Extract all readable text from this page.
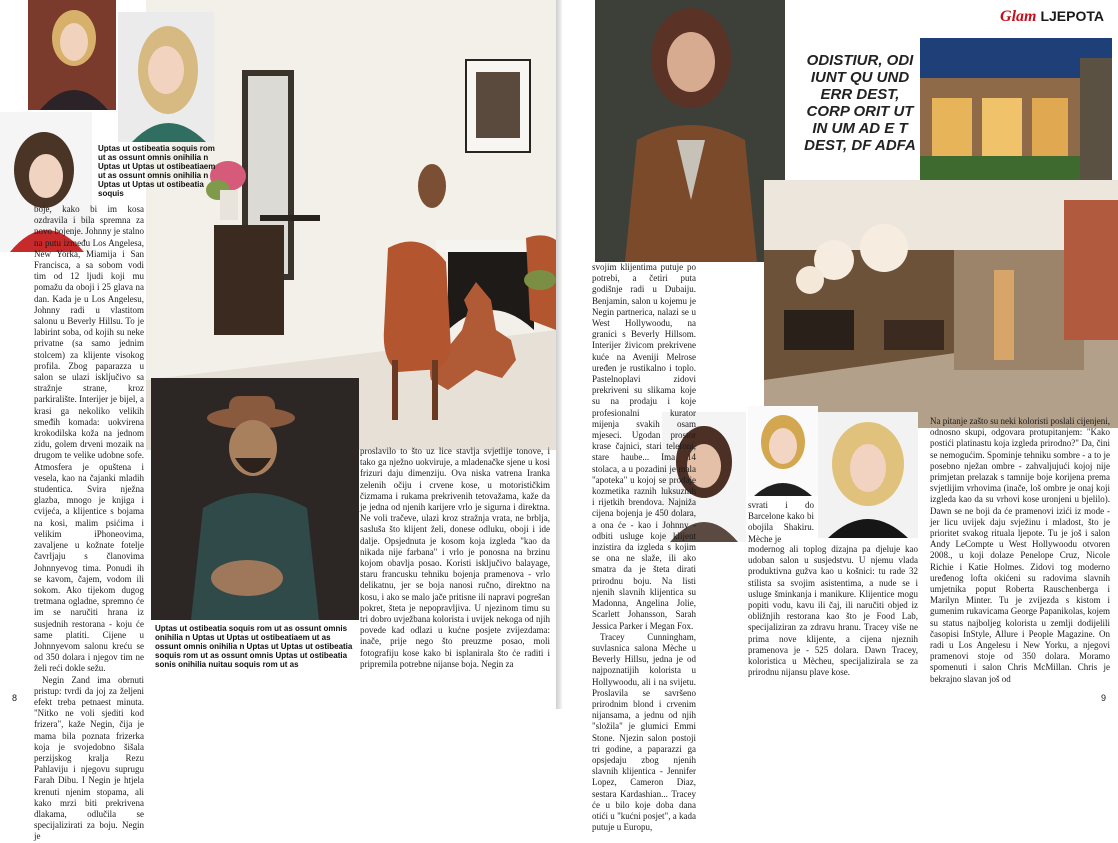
Uptas ut ostibeatia soquis rom ut as ossunt omnis onihilia n Uptas ut Uptas ut ostibeatiaem ut as ossunt omnis onihilia n Uptas ut Uptas ut ostibeatia soquis

boje, kako bi im kosa ozdravila i bila spremna za novo bojenje. Johnny je stalno na putu između Los Angelesa, New Yorka, Miamija i San Francisca, a sa sobom vodi tim od 12 ljudi koji mu pomažu da oboji i 25 glava na dan. Kada je u Los Angelesu, Johnny radi u vlastitom salonu u Beverly Hillsu. To je labirint soba, od kojih su neke privatne (sa samo jednim stolcem) za klijente visokog profila. Zbog paparazza u salon se ulazi isključivo sa stražnje strane, kroz parkiralište. Interijer je bijel, a krasi ga nekoliko velikih smeđih komada: uokvirena krokodilska koža na jednom zidu, golem drveni mozaik na drugom te velike udobne sofe. Atmosfera je opuštena i vesela, kao na čajanki mladih studentica. Svira nježna glazba, mnogo je knjiga i cvijeća, a klijentice s bojama na kosi, malim psićima i velikim iPhoneovima, zavaljene u kožnate fotelje čavrljaju s članovima Johnnyevog tima. Ponudi ih se kavom, čajem, vodom ili sokom. Ako tijekom dugog tretmana ogladne, spremno će im se naručiti hrana iz susjednih restorana - koju će same platiti. Cijene u Johnnyevom salonu kreću se od 350 dolara i njegov tim ne želi reći dokle sežu.

Negin Zand ima obrnuti pristup: tvrdi da joj za željeni efekt treba petnaest minuta. "Nitko ne voli sjediti kod frizera", kaže Negin, čija je mama bila poznata frizerka koja je svojedobno šišala perzijskog kralja Rezu Pahlaviju i njegovu suprugu Farah Dibu. I Negin je htjela krenuti njenim stopama, ali kako mrzi biti prekrivena dlakama, odlučila se specijalizirati za boju. Negin je

Uptas ut ostibeatia soquis rom ut as ossunt omnis onihilia n Uptas ut Uptas ut ostibeatiaem ut as ossunt omnis onihilia n Uptas ut Uptas ut ostibeatia soquis rom ut as ossunt omnis Uptas ut ostibeatia sonis onihilia nuitau soquis rom ut as

proslavilo to što uz lice stavlja svjetlije tonove, i tako ga nježno uokviruje, a mladenačke sjene u kosi frizuri daju dimenziju. Ova niska vatrena Iranka zelenih očiju i crvene kose, u motorističkim čizmama i rukama prekrivenih tetovažama, kaže da je jedna od njenih karijere vrlo je sigurna i direktna. Ne voli tračeve, ulazi kroz stražnja vrata, ne brblja, sasluša što klijent želi, donese odluku, oboji i ide dalje. Opsjednuta je kosom koja izgleda "kao da nikada nije farbana" i vrlo je ponosna na brzinu kojom obavlja posao. Koristi isključivo balayage, staru francusku tehniku bojenja pramenova - vrlo delikatnu, jer se boja nanosi ručno, direktno na kosu, i ako se malo jače pritisne ili napravi pogrešan pokret, šteta je nepopravljiva. U njezinom timu su tri dobro uvježbana kolorista i uvijek nekoga od njih povede kad odlazi u kućne posjete zvijezdama: inače, prije nego što preuzme posao, moli fotografiju kose kako bi isplanirala što će raditi i pripremila potrebne nijanse boja. Negin za

8
Glam LJEPOTA
ODISTIUR, ODI IUNT QU UND ERR DEST, CORP ORIT UT IN UM AD E T DEST, DF ADFA

svojim klijentima putuje po potrebi, a četiri puta godišnje radi u Dubaiju. Benjamin, salon u kojemu je Negin partnerica, nalazi se u West Hollywoodu, na granici s Beverly Hillsom. Interijer živicom prekrivene kuće na Aveniji Melrose uređen je rustikalno i toplo. Pastelnoplavi zidovi prekriveni su slikama koje su na prodaju i koje profesionalni kurator mijenja svakih osam mjeseci. Ugodan prostor krase čajnici, stari telefoni, stare haube... Ima 14 stolaca, a u pozadini je mala "apoteka" u kojoj se prodaje kozmetika raznih luksuznih i rijetkih brendova. Najniža cijena bojenja je 450 dolara, a ona će - kao i Johnny - odbiti usluge koje klijent inzistira da izgleda s kojim se ona ne slaže, ili ako smatra da je šteta dirati prirodnu boju. Na listi njenih slavnih klijentica su Madonna, Angelina Jolie, Scarlett Johansson, Sarah Jessica Parker i Megan Fox.

Tracey Cunningham, suvlasnica salona Mèche u Beverly Hillsu, jedna je od najpoznatijih kolorista u Hollywoodu, ali i na svijetu. Proslavila se savršeno prirodnim blond i crvenim nijansama, a jednu od njih "složila" je glumici Emmi Stone. Njezin salon postoji tri godine, a paparazzi ga opsjedaju zbog njenih slavnih klijentica - Jennifer Lopez, Cameron Diaz, sestara Kardashian... Tracey će u bilo koje doba dana otići u "kućni posjet", a kada putuje u Europu,

svrati i do Barcelone kako bi obojila Shakiru. Mèche je

modernog ali toplog dizajna pa djeluje kao udoban salon u susjedstvu. U njemu vlada produktivna gužva kao u košnici: tu rade 32 stilista sa svojim asistentima, a nude se i usluge šminkanja i manikure. Klijentice mogu popiti vodu, kavu ili čaj, ili naručiti objed iz obližnjih restorana kao što je Food Lab, specijaliziran za zdravu hranu. Tracey više ne prima nove klijente, a cijena njeznih pramenova je - 525 dolara. Dawn Tracey, koloristica u Mècheu, specijalizirala se za prirodnu nijansu plave kose.

Na pitanje zašto su neki koloristi poslali cijenjeni, odnosno skupi, odgovara protupitanjem: "Kako postići platinastu koja izgleda prirodno?" Da, čini se nemogućim. Spominje tehniku sombre - a to je posebno nježan ombre - zahvaljujući kojoj nije primjetan prelazak s tamnije boje korijena prema svjetlijim vrhovima (inače, loš ombre je onaj koji izgleda kao da su vrhovi kose uronjeni u bjelilo). Dawn se ne boji da će pramenovi izići iz mode - jer licu uvijek daju svježinu i mladost, što je prioritet svakog rituala ljepote. Tu je još i salon Andy LeCompte u West Hollywoodu otvoren 2008., u koji dolaze Penelope Cruz, Nicole Richie i Katie Holmes. Zidovi tog moderno uređenog lofta okićeni su radovima slavnih umjetnika poput Roberta Rauschenberga i Marilyn Minter. Tu je zvijezda s kistom i gumenim rukavicama George Papanikolas, kojem su status najboljeg kolorista u zemlji dodijelili časopisi InStyle, Allure i People Magazine. On radi u Los Angelesu i New Yorku, a njegovi pramenovi stoje od 350 dolara. Moramo spomenuti i salon Chris McMillan. Chris je bekrajno slavan još od

9
